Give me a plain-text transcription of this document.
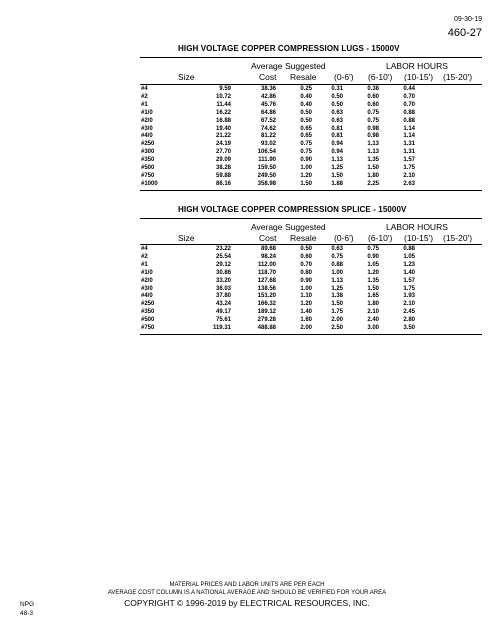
09-30-19
460-27
HIGH VOLTAGE COPPER COMPRESSION LUGS - 15000V
Average Suggested	LABOR HOURS
Size	Cost Resale (0-6') (6-10') (10-15') (15-20')
#4	9.59	38.36	0.25	0.31	0.38	0.44
#2	10.72	42.86	0.40	0.50	0.60	0.70
#1	11.44	45.76	0.40	0.50	0.60	0.70
#1/0	16.22	64.86	0.50	0.63	0.75	0.88
#2/0	16.88	67.52	0.50	0.63	0.75	0.88
#3/0	19.40	74.62	0.65	0.81	0.98	1.14
#4/0	21.22	81.22	0.65	0.81	0.98	1.14
#250	24.19	93.02	0.75	0.94	1.13	1.31
#300	27.70	106.54	0.75	0.94	1.13	1.31
#350	29.09	111.90	0.90	1.13	1.35	1.57
#500	38.28	159.50	1.00	1.25	1.50	1.75
#750	59.88	249.50	1.20	1.50	1.80	2.10
#1000	86.16	358.98	1.50	1.88	2.25	2.63
HIGH VOLTAGE COPPER COMPRESSION SPLICE - 15000V
Average Suggested	LABOR HOURS
Size	Cost Resale (0-6') (6-10') (10-15') (15-20')
#4	23.22	89.68	0.50	0.63	0.75	0.88
#2	25.54	98.24	0.60	0.75	0.90	1.05
#1	29.12	112.00	0.70	0.88	1.05	1.23
#1/0	30.86	118.70	0.80	1.00	1.20	1.40
#2/0	33.20	127.68	0.90	1.13	1.35	1.57
#3/0	36.03	138.56	1.00	1.25	1.50	1.75
#4/0	37.80	151.20	1.10	1.38	1.65	1.93
#250	43.24	166.32	1.20	1.50	1.80	2.10
#350	49.17	189.12	1.40	1.75	2.10	2.45
#500	75.61	279.28	1.60	2.00	2.40	2.80
#750	119.31	488.88	2.00	2.50	3.00	3.50
MATERIAL PRICES AND LABOR UNITS ARE PER EACH
AVERAGE COST COLUMN IS A NATIONAL AVERAGE AND SHOULD BE VERIFIED FOR YOUR AREA
COPYRIGHT © 1996-2019 by ELECTRICAL RESOURCES, INC.
NPG
48-3
